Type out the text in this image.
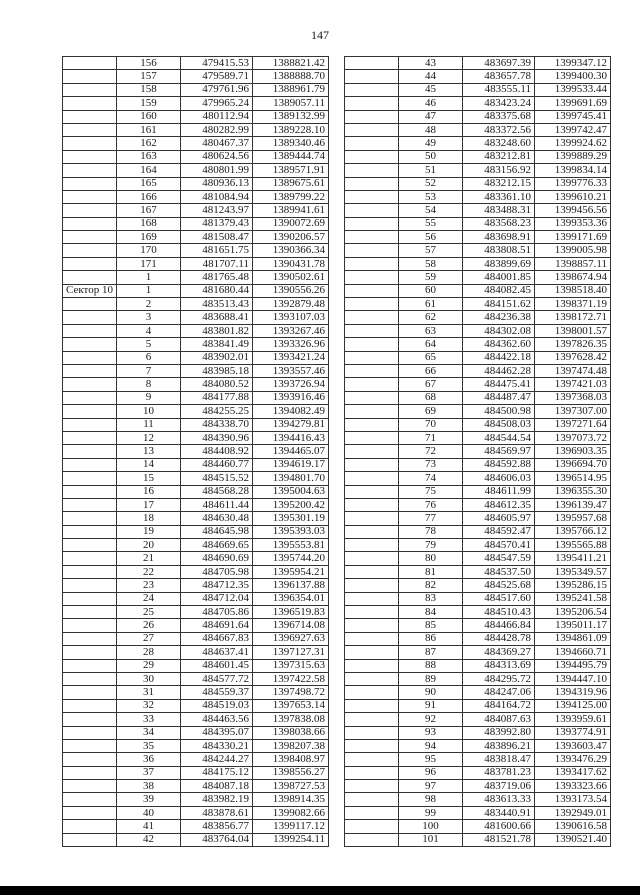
147
	156	479415.53	1388821.42
	157	479589.71	1388888.70
	158	479761.96	1388961.79
	159	479965.24	1389057.11
	160	480112.94	1389132.99
	161	480282.99	1389228.10
	162	480467.37	1389340.46
	163	480624.56	1389444.74
	164	480801.99	1389571.91
	165	480936.13	1389675.61
	166	481084.94	1389799.22
	167	481243.97	1389941.61
	168	481379.43	1390072.69
	169	481508.47	1390206.57
	170	481651.75	1390366.34
	171	481707.11	1390431.78
	1	481765.48	1390502.61
Сектор 10	1	481680.44	1390556.26
	2	483513.43	1392879.48
	3	483688.41	1393107.03
	4	483801.82	1393267.46
	5	483841.49	1393326.96
	6	483902.01	1393421.24
	7	483985.18	1393557.46
	8	484080.52	1393726.94
	9	484177.88	1393916.46
	10	484255.25	1394082.49
	11	484338.70	1394279.81
	12	484390.96	1394416.43
	13	484408.92	1394465.07
	14	484460.77	1394619.17
	15	484515.52	1394801.70
	16	484568.28	1395004.63
	17	484611.44	1395200.42
	18	484630.48	1395301.19
	19	484645.98	1395393.03
	20	484669.65	1395553.81
	21	484690.69	1395744.20
	22	484705.98	1395954.21
	23	484712.35	1396137.88
	24	484712.04	1396354.01
	25	484705.86	1396519.83
	26	484691.64	1396714.08
	27	484667.83	1396927.63
	28	484637.41	1397127.31
	29	484601.45	1397315.63
	30	484577.72	1397422.58
	31	484559.37	1397498.72
	32	484519.03	1397653.14
	33	484463.56	1397838.08
	34	484395.07	1398038.66
	35	484330.21	1398207.38
	36	484244.27	1398408.97
	37	484175.12	1398556.27
	38	484087.18	1398727.53
	39	483982.19	1398914.35
	40	483878.61	1399082.66
	41	483856.77	1399117.12
	42	483764.04	1399254.11
	43	483697.39	1399347.12
	44	483657.78	1399400.30
	45	483555.11	1399533.44
	46	483423.24	1399691.69
	47	483375.68	1399745.41
	48	483372.56	1399742.47
	49	483248.60	1399924.62
	50	483212.81	1399889.29
	51	483156.92	1399834.14
	52	483212.15	1399776.33
	53	483361.10	1399610.21
	54	483488.31	1399456.56
	55	483568.23	1399353.36
	56	483698.91	1399171.69
	57	483808.51	1399005.98
	58	483899.69	1398857.11
	59	484001.85	1398674.94
	60	484082.45	1398518.40
	61	484151.62	1398371.19
	62	484236.38	1398172.71
	63	484302.08	1398001.57
	64	484362.60	1397826.35
	65	484422.18	1397628.42
	66	484462.28	1397474.48
	67	484475.41	1397421.03
	68	484487.47	1397368.03
	69	484500.98	1397307.00
	70	484508.03	1397271.64
	71	484544.54	1397073.72
	72	484569.97	1396903.35
	73	484592.88	1396694.70
	74	484606.03	1396514.95
	75	484611.99	1396355.30
	76	484612.35	1396139.47
	77	484605.97	1395957.68
	78	484592.47	1395766.12
	79	484570.41	1395565.88
	80	484547.59	1395411.21
	81	484537.50	1395349.57
	82	484525.68	1395286.15
	83	484517.60	1395241.58
	84	484510.43	1395206.54
	85	484466.84	1395011.17
	86	484428.78	1394861.09
	87	484369.27	1394660.71
	88	484313.69	1394495.79
	89	484295.72	1394447.10
	90	484247.06	1394319.96
	91	484164.72	1394125.00
	92	484087.63	1393959.61
	93	483992.80	1393774.91
	94	483896.21	1393603.47
	95	483818.47	1393476.29
	96	483781.23	1393417.62
	97	483719.06	1393323.66
	98	483613.33	1393173.54
	99	483440.91	1392949.01
	100	481600.66	1390616.58
	101	481521.78	1390521.40
